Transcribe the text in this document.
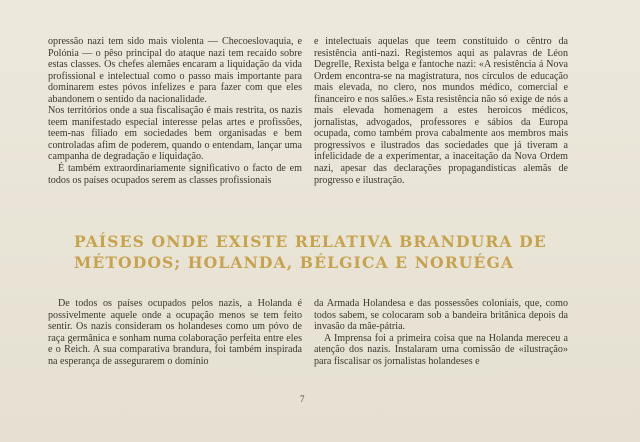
opressão nazi tem sido mais violenta — Checoeslovaquia, e Polónia — o pêso principal do ataque nazi tem recaido sobre estas classes. Os chefes alemães encaram a liquidação da vida profissional e intelectual como o passo mais importante para dominarem estes póvos infelizes e para fazer com que eles abandonem o sentido da nacionalidade.

Nos territórios onde a sua fiscalisação é mais restrita, os nazis teem manifestado especial interesse pelas artes e profissões, teem-nas filiado em sociedades bem organisadas e bem controladas afim de poderem, quando o entendam, lançar uma campanha de degradação e liquidação.

É também extraordinariamente significativo o facto de em todos os países ocupados serem as classes profissionais

e intelectuais aquelas que teem constituido o cêntro da resistência anti-nazi. Registemos aqui as palavras de Léon Degrelle, Rexista belga e fantoche nazi: «A resistência á Nova Ordem encontra-se na magistratura, nos círculos de educação mais elevada, no clero, nos mundos médico, comercial e financeiro e nos salões.» Esta resistência não só exige de nós a mais elevada homenagem a estes heroicos médicos, jornalistas, advogados, professores e sábios da Europa ocupada, como também prova cabalmente aos membros mais progressivos e ilustrados das sociedades que já tiveram a infelicidade de a experimentar, a inaceitação da Nova Ordem nazi, apesar das declarações propagandísticas alemãs de progresso e ilustração.

PAÍSES ONDE EXISTE RELATIVA BRANDURA DE
MÉTODOS; HOLANDA, BÉLGICA E NORUÉGA

De todos os países ocupados pelos nazis, a Holanda é possivelmente aquele onde a ocupação menos se tem feito sentir. Os nazis consideram os holandeses como um póvo de raça germânica e sonham numa colaboração perfeita entre eles e o Reich. A sua comparativa brandura, foi também inspirada na esperança de assegurarem o domínio

da Armada Holandesa e das possessões coloniais, que, como todos sabem, se colocaram sob a bandeira britânica depois da invasão da mãe-pátria.

A Imprensa foi a primeira coisa que na Holanda mereceu a atenção dos nazis. Instalaram uma comissão de «ilustração» para fiscalisar os jornalistas holandeses e

7
